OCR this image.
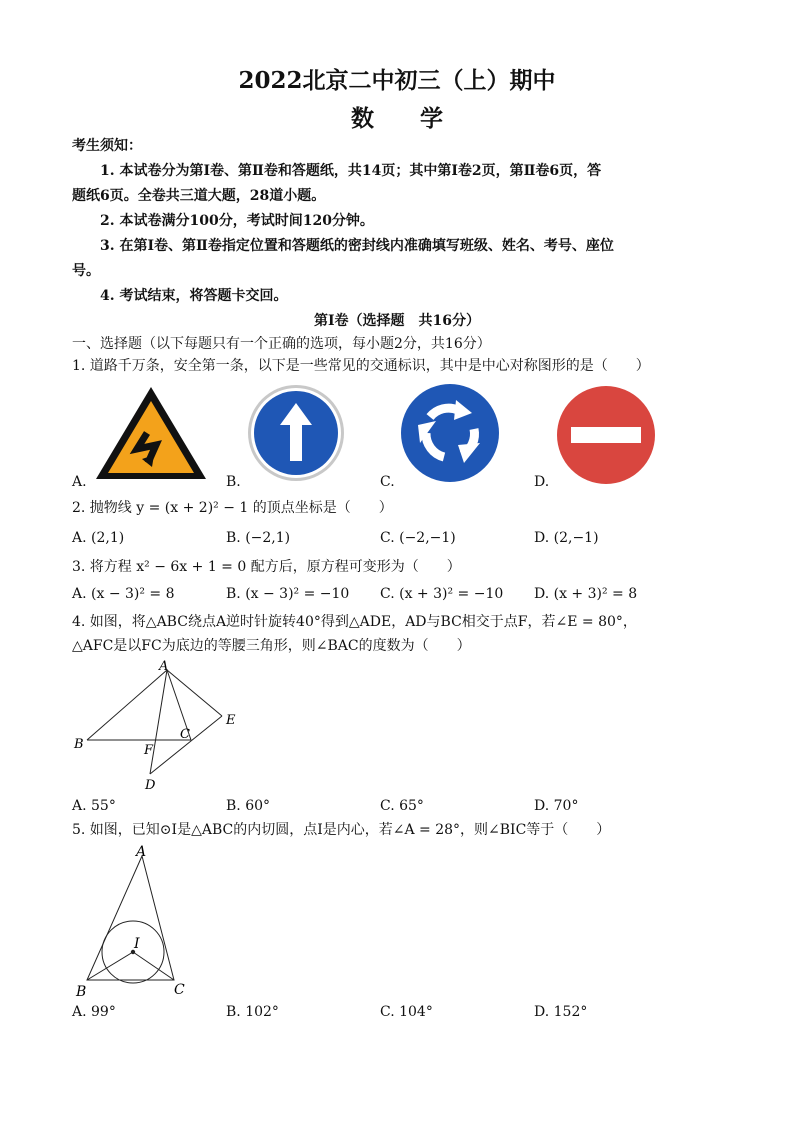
2022北京二中初三（上）期中
数　　学
考生须知：
1. 本试卷分为第Ⅰ卷、第Ⅱ卷和答题纸，共14页；其中第Ⅰ卷2页，第Ⅱ卷6页，答
题纸6页。全卷共三道大题，28道小题。
2. 本试卷满分100分，考试时间120分钟。
3. 在第Ⅰ卷、第Ⅱ卷指定位置和答题纸的密封线内准确填写班级、姓名、考号、座位
号。
4. 考试结束，将答题卡交回。
第Ⅰ卷（选择题　共16分）
一、选择题（以下每题只有一个正确的选项，每小题2分，共16分）
1. 道路千万条，安全第一条，以下是一些常见的交通标识，其中是中心对称图形的是（　　）
A.	B.	C.	D.
2. 抛物线 y = (x + 2)² − 1 的顶点坐标是（　　）
A. (2,1)	B. (−2,1)	C. (−2,−1)	D. (2,−1)
3. 将方程 x² − 6x + 1 = 0 配方后，原方程可变形为（　　）
A. (x − 3)² = 8	B. (x − 3)² = −10 C. (x + 3)² = −10 D. (x + 3)² = 8
4. 如图，将△ABC绕点A逆时针旋转40°得到△ADE，AD与BC相交于点F，若∠E = 80°，
△AFC是以FC为底边的等腰三角形，则∠BAC的度数为（　　）
A
B
C
D
E
F
A. 55°	B. 60°	C. 65°	D. 70°
5. 如图，已知⊙I是△ABC的内切圆，点I是内心，若∠A = 28°，则∠BIC等于（　　）
A
I
B	C
A. 99°	B. 102°	C. 104°	D. 152°
